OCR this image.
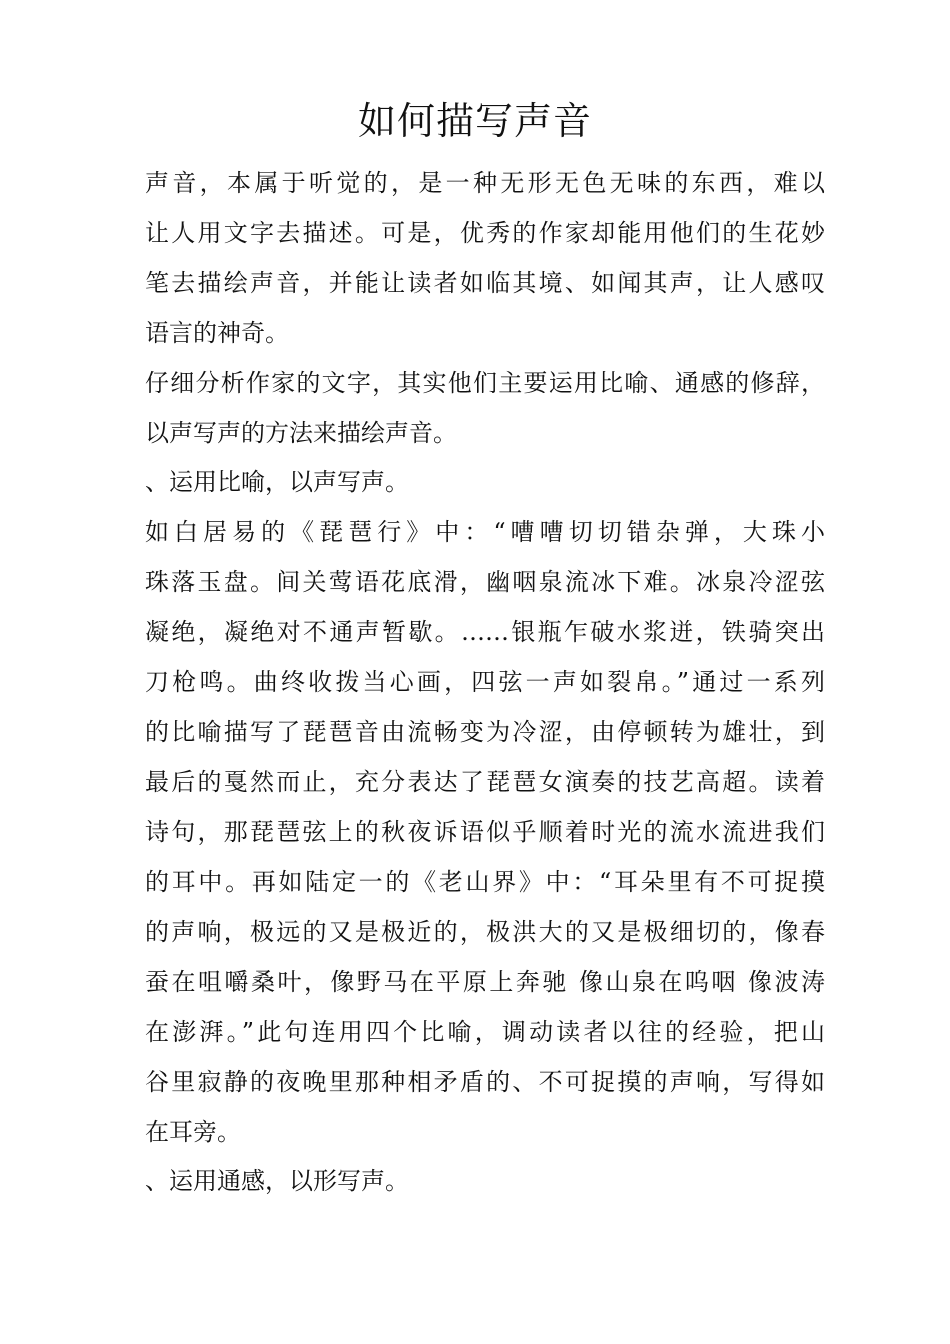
如何描写声音

声音，本属于听觉的，是一种无形无色无味的东西，难以

让人用文字去描述。可是，优秀的作家却能用他们的生花妙

笔去描绘声音，并能让读者如临其境、如闻其声，让人感叹

语言的神奇。

仔细分析作家的文字，其实他们主要运用比喻、通感的修辞，

以声写声的方法来描绘声音。

、运用比喻，以声写声。

如白居易的《琵琶行》中：“嘈嘈切切错杂弹，大珠小

珠落玉盘。间关莺语花底滑，幽咽泉流冰下难。冰泉冷涩弦

凝绝，凝绝对不通声暂歇。……银瓶乍破水浆迸，铁骑突出

刀枪鸣。曲终收拨当心画，四弦一声如裂帛。”通过一系列

的比喻描写了琵琶音由流畅变为冷涩，由停顿转为雄壮，到

最后的戛然而止，充分表达了琵琶女演奏的技艺高超。读着

诗句，那琵琶弦上的秋夜诉语似乎顺着时光的流水流进我们

的耳中。再如陆定一的《老山界》中：“耳朵里有不可捉摸

的声响，极远的又是极近的，极洪大的又是极细切的，像春

蚕在咀嚼桑叶，像野马在平原上奔驰 像山泉在呜咽 像波涛

在澎湃。”此句连用四个比喻，调动读者以往的经验，把山

谷里寂静的夜晚里那种相矛盾的、不可捉摸的声响，写得如

在耳旁。

、运用通感，以形写声。
